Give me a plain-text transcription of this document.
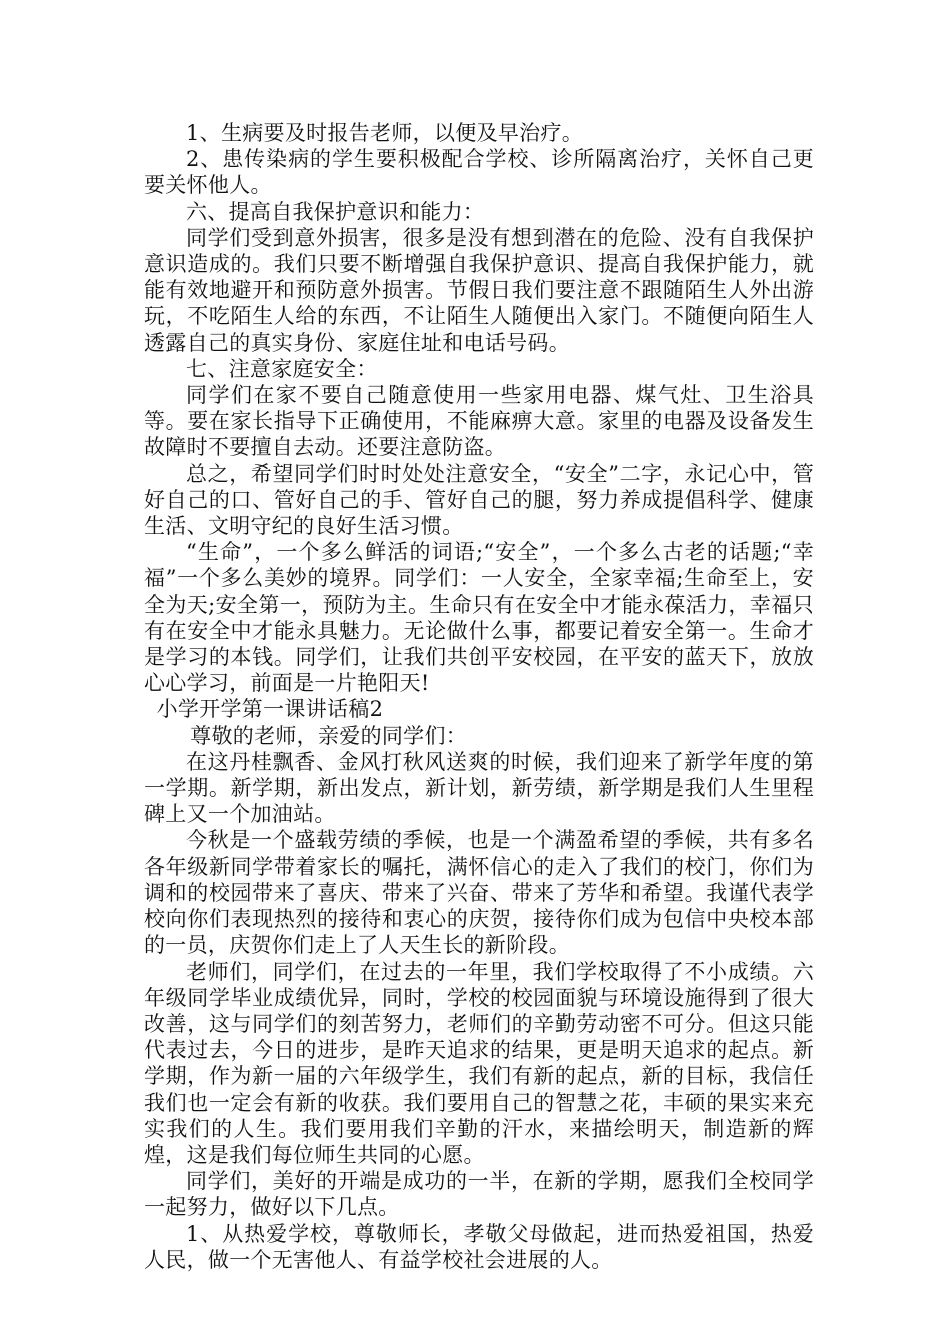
1、生病要及时报告老师，以便及早治疗。

2、患传染病的学生要积极配合学校、诊所隔离治疗，关怀自己更要关怀他人。

六、提高自我保护意识和能力：

同学们受到意外损害，很多是没有想到潜在的危险、没有自我保护意识造成的。我们只要不断增强自我保护意识、提高自我保护能力，就能有效地避开和预防意外损害。节假日我们要注意不跟随陌生人外出游玩，不吃陌生人给的东西，不让陌生人随便出入家门。不随便向陌生人透露自己的真实身份、家庭住址和电话号码。

七、注意家庭安全：

同学们在家不要自己随意使用一些家用电器、煤气灶、卫生浴具等。要在家长指导下正确使用，不能麻痹大意。家里的电器及设备发生故障时不要擅自去动。还要注意防盗。

总之，希望同学们时时处处注意安全，“安全”二字，永记心中，管好自己的口、管好自己的手、管好自己的腿，努力养成提倡科学、健康生活、文明守纪的良好生活习惯。

“生命”，一个多么鲜活的词语;“安全”，一个多么古老的话题;“幸福”一个多么美妙的境界。同学们：一人安全，全家幸福;生命至上，安全为天;安全第一，预防为主。生命只有在安全中才能永葆活力，幸福只有在安全中才能永具魅力。无论做什么事，都要记着安全第一。生命才是学习的本钱。同学们，让我们共创平安校园，在平安的蓝天下，放放心心学习，前面是一片艳阳天!

小学开学第一课讲话稿2

尊敬的老师，亲爱的同学们：

在这丹桂飘香、金风打秋风送爽的时候，我们迎来了新学年度的第一学期。新学期，新出发点，新计划，新劳绩，新学期是我们人生里程碑上又一个加油站。

今秋是一个盛载劳绩的季候，也是一个满盈希望的季候，共有多名各年级新同学带着家长的嘱托，满怀信心的走入了我们的校门，你们为调和的校园带来了喜庆、带来了兴奋、带来了芳华和希望。我谨代表学校向你们表现热烈的接待和衷心的庆贺，接待你们成为包信中央校本部的一员，庆贺你们走上了人天生长的新阶段。

老师们，同学们，在过去的一年里，我们学校取得了不小成绩。六年级同学毕业成绩优异，同时，学校的校园面貌与环境设施得到了很大改善，这与同学们的刻苦努力，老师们的辛勤劳动密不可分。但这只能代表过去，今日的进步，是昨天追求的结果，更是明天追求的起点。新学期，作为新一届的六年级学生，我们有新的起点，新的目标，我信任我们也一定会有新的收获。我们要用自己的智慧之花，丰硕的果实来充实我们的人生。我们要用我们辛勤的汗水，来描绘明天，制造新的辉煌，这是我们每位师生共同的心愿。

同学们，美好的开端是成功的一半，在新的学期，愿我们全校同学一起努力，做好以下几点。

1、从热爱学校，尊敬师长，孝敬父母做起，进而热爱祖国，热爱人民，做一个无害他人、有益学校社会进展的人。
